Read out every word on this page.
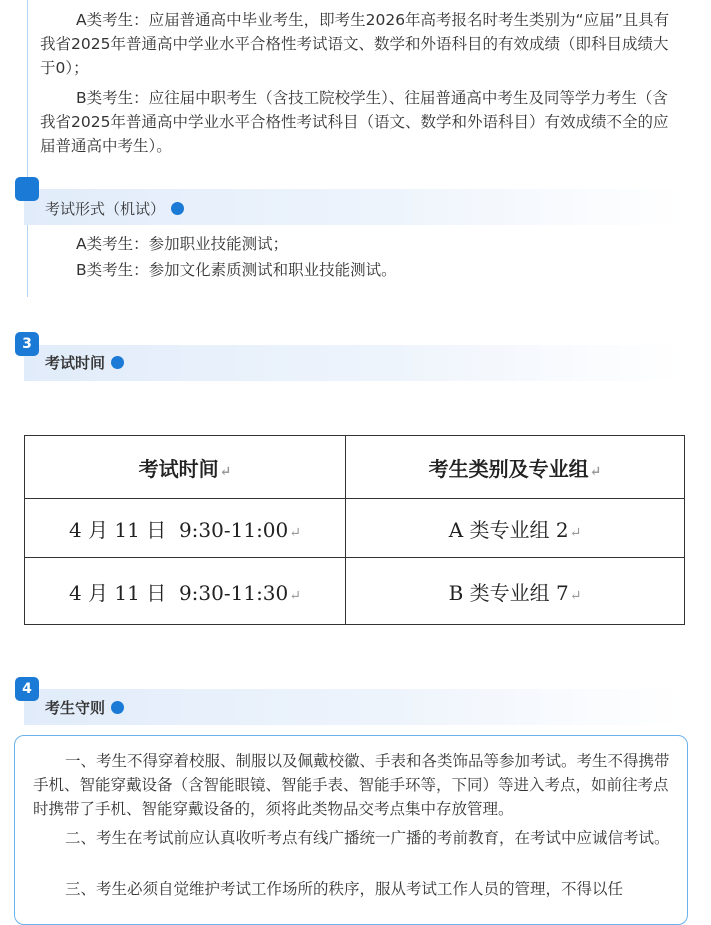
A类考生：应届普通高中毕业考生，即考生2026年高考报名时考生类别为“应届”且具有我省2025年普通高中学业水平合格性考试语文、数学和外语科目的有效成绩（即科目成绩大于0）；
B类考生：应往届中职考生（含技工院校学生）、往届普通高中考生及同等学力考生（含我省2025年普通高中学业水平合格性考试科目（语文、数学和外语科目）有效成绩不全的应届普通高中考生）。
考试形式（机试）
A类考生：参加职业技能测试；
B类考生：参加文化素质测试和职业技能测试。
3
考试时间
考试时间↵	考生类别及专业组↵
4 月 11 日  9:30-11:00↵	A 类专业组 2↵
4 月 11 日  9:30-11:30↵	B 类专业组 7↵
4
考生守则
一、考生不得穿着校服、制服以及佩戴校徽、手表和各类饰品等参加考试。考生不得携带手机、智能穿戴设备（含智能眼镜、智能手表、智能手环等，下同）等进入考点，如前往考点时携带了手机、智能穿戴设备的，须将此类物品交考点集中存放管理。
二、考生在考试前应认真收听考点有线广播统一广播的考前教育，在考试中应诚信考试。
三、考生必须自觉维护考试工作场所的秩序，服从考试工作人员的管理，不得以任
